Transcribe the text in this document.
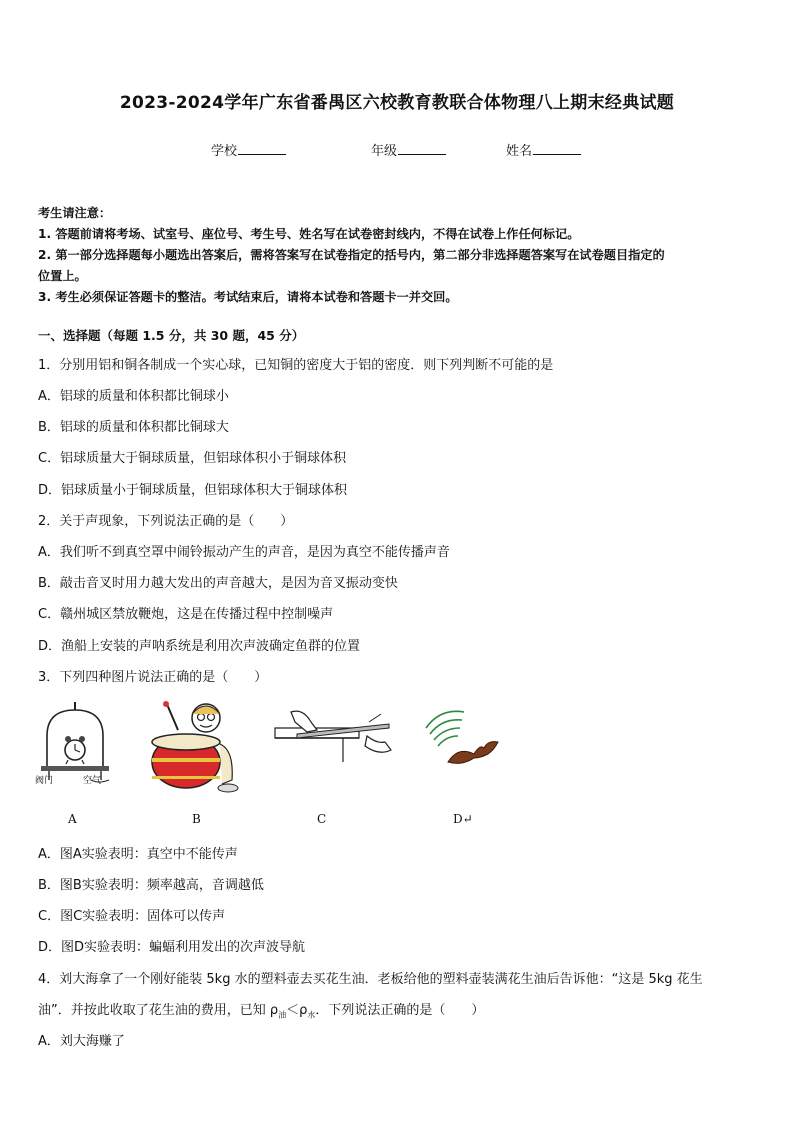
2023-2024学年广东省番禺区六校教育教联合体物理八上期末经典试题
学校	年级	姓名

考生请注意：

1. 答题前请将考场、试室号、座位号、考生号、姓名写在试卷密封线内，不得在试卷上作任何标记。

2. 第一部分选择题每小题选出答案后，需将答案写在试卷指定的括号内，第二部分非选择题答案写在试卷题目指定的

位置上。

3. 考生必须保证答题卡的整洁。考试结束后，请将本试卷和答题卡一并交回。

一、选择题（每题 1.5 分，共 30 题，45 分）
1．分别用铝和铜各制成一个实心球，已知铜的密度大于铝的密度．则下列判断不可能的是
A．铝球的质量和体积都比铜球小
B．铝球的质量和体积都比铜球大
C．铝球质量大于铜球质量，但铝球体积小于铜球体积
D．铝球质量小于铜球质量，但铝球体积大于铜球体积
2．关于声现象，下列说法正确的是（　　）
A．我们听不到真空罩中闹铃振动产生的声音，是因为真空不能传播声音
B．敲击音叉时用力越大发出的声音越大，是因为音叉振动变快
C．赣州城区禁放鞭炮，这是在传播过程中控制噪声
D．渔船上安装的声呐系统是利用次声波确定鱼群的位置
3．下列四种图片说法正确的是（　　）
阀门	空气
A	B	C	D↵
A．图A实验表明：真空中不能传声
B．图B实验表明：频率越高，音调越低
C．图C实验表明：固体可以传声
D．图D实验表明：蝙蝠利用发出的次声波导航
4．刘大海拿了一个刚好能装 5kg 水的塑料壶去买花生油．老板给他的塑料壶装满花生油后告诉他：“这是 5kg 花生
油”．并按此收取了花生油的费用，已知 $\rho_油<\rho_水$．下列说法正确的是（　　）
A．刘大海赚了
